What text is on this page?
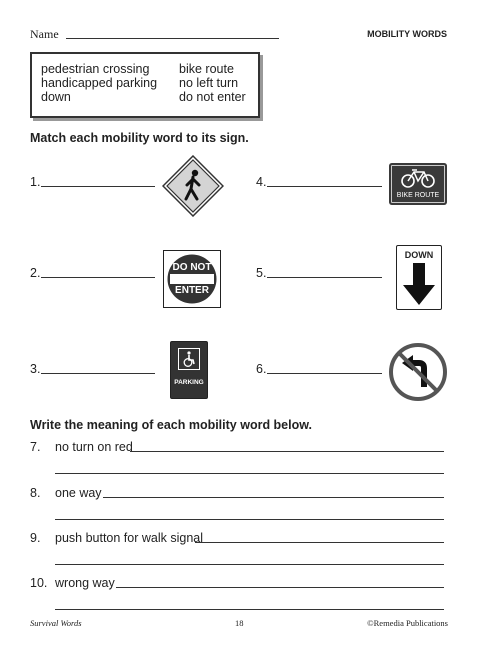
Name	MOBILITY WORDS
pedestrian crossing
handicapped parking
down
bike route
no left turn
do not enter
Match each mobility word to its sign.
1.
2.	DO NOT
ENTER
3.
PARKING
4.
BIKE ROUTE
5.
DOWN
6.
Write the meaning of each mobility word below.
7. no turn on red
8. one way
9. push button for walk signal
10. wrong way
Survival Words	18	©Remedia Publications
